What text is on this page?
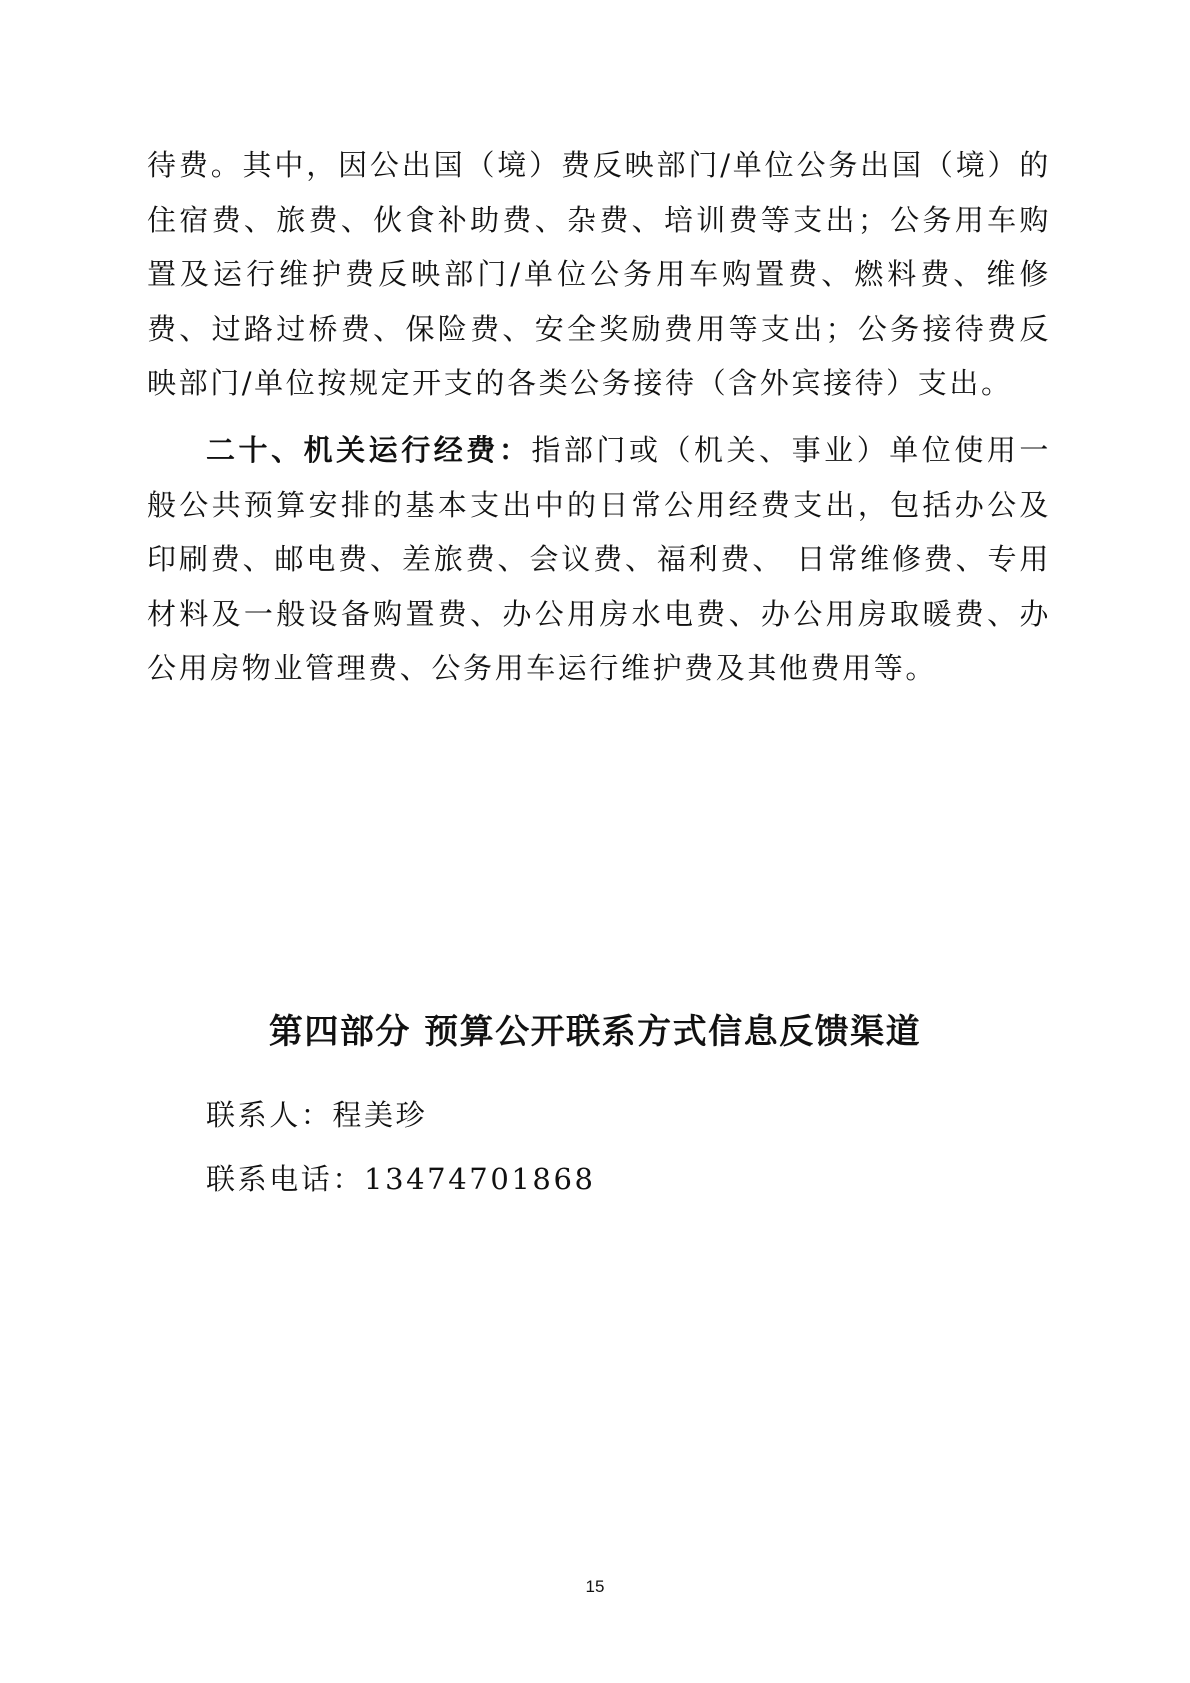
待费。其中，因公出国（境）费反映部门/单位公务出国（境）的住宿费、旅费、伙食补助费、杂费、培训费等支出；公务用车购置及运行维护费反映部门/单位公务用车购置费、燃料费、维修费、过路过桥费、保险费、安全奖励费用等支出；公务接待费反映部门/单位按规定开支的各类公务接待（含外宾接待）支出。

二十、机关运行经费：指部门或（机关、事业）单位使用一般公共预算安排的基本支出中的日常公用经费支出，包括办公及印刷费、邮电费、差旅费、会议费、福利费、 日常维修费、专用材料及一般设备购置费、办公用房水电费、办公用房取暖费、办公用房物业管理费、公务用车运行维护费及其他费用等。

第四部分 预算公开联系方式信息反馈渠道

联系人：程美珍

联系电话：13474701868

15
